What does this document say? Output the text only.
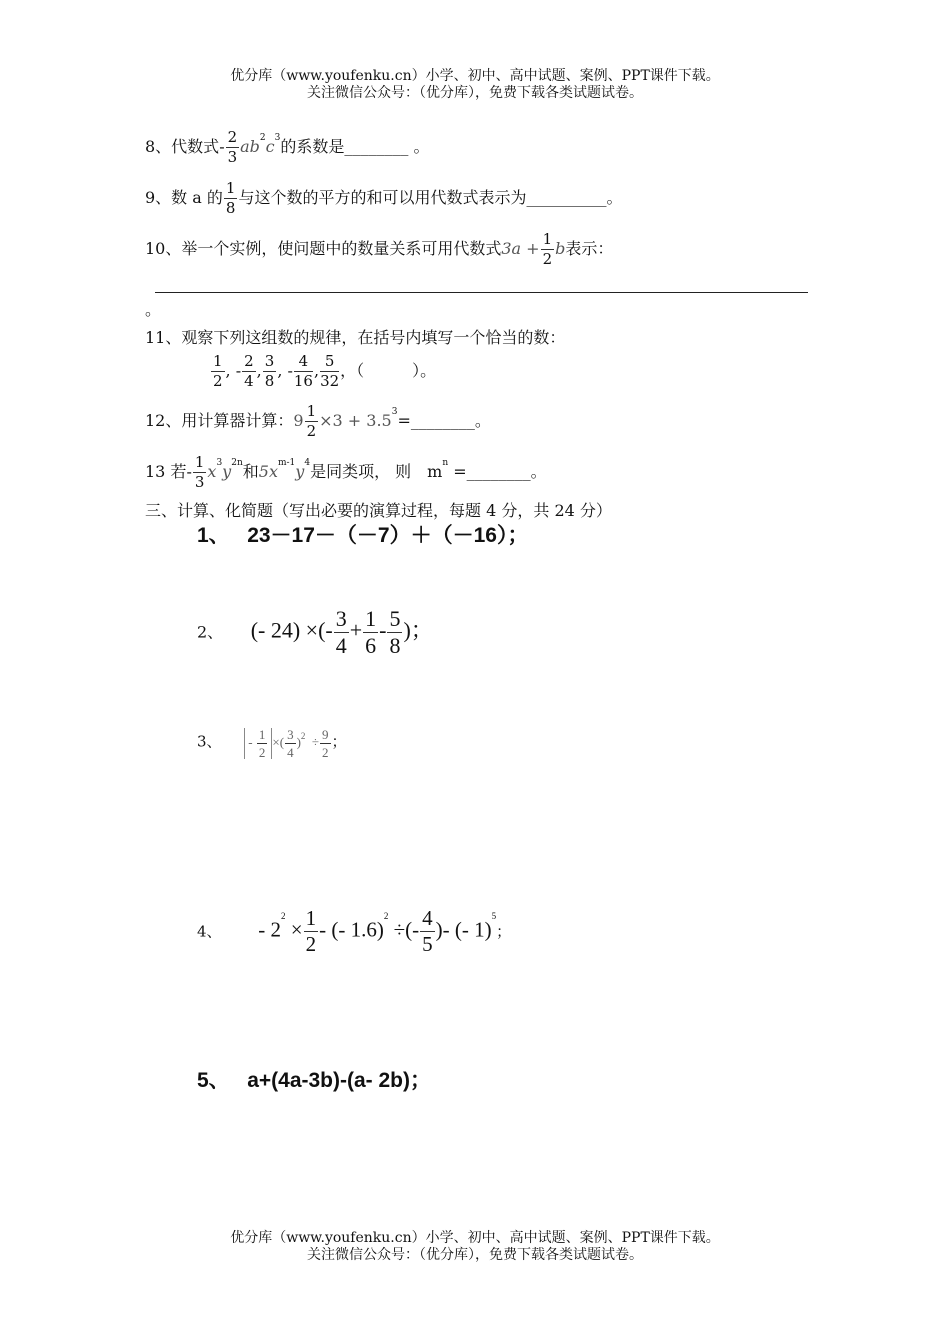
优分库（www.youfenku.cn）小学、初中、高中试题、案例、PPT课件下载。
关注微信公众号：（优分库），免费下载各类试题试卷。
8、代数式- $\frac{2}{3} ab^2c^3$的系数是________ 。
9、数 a 的 $\frac{1}{8}$ 与这个数的平方的和可以用代数式表示为__________。
10、举一个实例，使问题中的数量关系可用代数式$3a + \frac{1}{2}$ b表示：
。
11、观察下列这组数的规律，在括号内填写一个恰当的数：
$\frac{1}{2}$ , - $\frac{2}{4}$ , $\frac{3}{8}$ , - $\frac{4}{16}$ , $\frac{5}{32}$ ，（　　　）。
12、用计算器计算：$9 \frac{1}{2} \times 3$ + $3.5^3=\_\_\_\_\_\_\_\_$。
13 若- $\frac{1}{3} x^3y^{2n}$和$5x^{m-1}y^4$是同类项， 则　$m^n$ =________。
三、计算、化简题（写出必要的演算过程，每题 4 分，共 24 分）
1、 23－17－（－7）＋（－16）；
2、 (- 24) ×(- $\frac{3}{4} + \frac{1}{6} - \frac{5}{8}$ )；
3、 - $\frac{1}{2}$ ×( $\frac{3}{4} )^2 \div \frac{9}{2}$ ；
4、 - $2^2 \times \frac{1}{2}$ - (- 1.6)$^2$ ÷(- $\frac{4}{5}$ )- (- 1)$^5$；
5、 a+(4a-3b)-(a- 2b)；
优分库（www.youfenku.cn）小学、初中、高中试题、案例、PPT课件下载。
关注微信公众号：（优分库），免费下载各类试题试卷。
